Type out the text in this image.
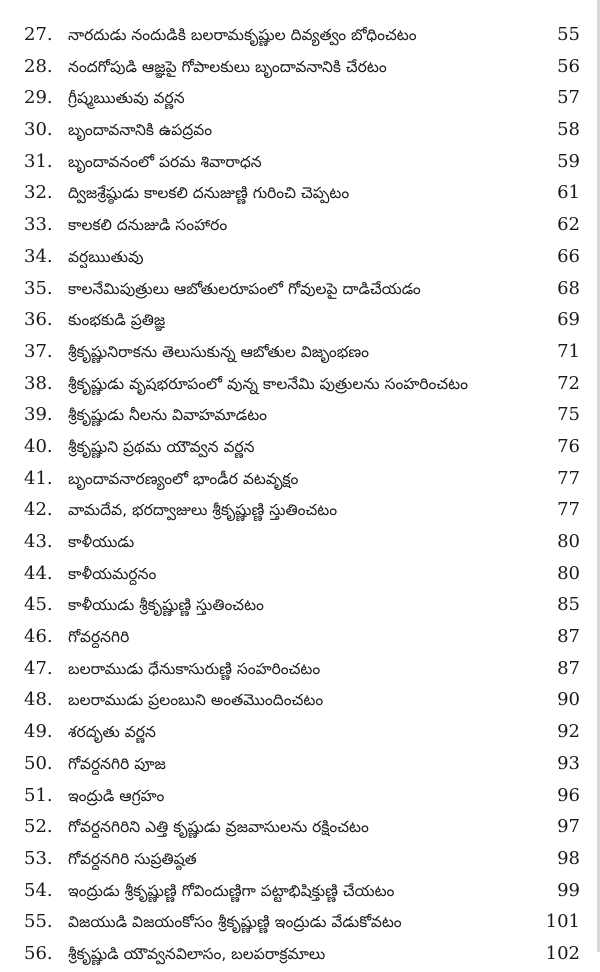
27. నారదుడు నందుడికి బలరామకృష్ణుల దివ్యత్వం బోధించటం	55
28. నందగోపుడి ఆజ్ఞపై గోపాలకులు బృందావనానికి చేరటం	56
29. గ్రీష్మఋతువు వర్ణన	57
30. బృందావనానికి ఉపద్రవం	58
31. బృందావనంలో పరమ శివారాధన	59
32. ద్విజశ్రేష్ఠుడు కాలకలి దనుజుణ్ణి గురించి చెప్పటం	61
33. కాలకలి దనుజుడి సంహారం	62
34. వర్షఋతువు	66
35. కాలనేమిపుత్రులు ఆబోతులరూపంలో గోవులపై దాడిచేయడం	68
36. కుంభకుడి ప్రతిజ్ఞ	69
37. శ్రీకృష్ణునిరాకను తెలుసుకున్న ఆబోతుల విజృంభణం	71
38. శ్రీకృష్ణుడు వృషభరూపంలో వున్న కాలనేమి పుత్రులను సంహరించటం	72
39. శ్రీకృష్ణుడు నీలను వివాహమాడటం	75
40. శ్రీకృష్ణుని ప్రథమ యౌవ్వన వర్ణన	76
41. బృందావనారణ్యంలో భాండీర వటవృక్షం	77
42. వామదేవ, భరద్వాజులు శ్రీకృష్ణుణ్ణి స్తుతించటం	77
43. కాళీయుడు	80
44. కాళీయమర్దనం	80
45. కాళీయుడు శ్రీకృష్ణుణ్ణి స్తుతించటం	85
46. గోవర్ధనగిరి	87
47. బలరాముడు ధేనుకాసురుణ్ణి సంహరించటం	87
48. బలరాముడు ప్రలంబుని అంతమొందించటం	90
49. శరదృతు వర్ణన	92
50. గోవర్ధనగిరి పూజ	93
51. ఇంద్రుడి ఆగ్రహం	96
52. గోవర్ధనగిరిని ఎత్తి కృష్ణుడు వ్రజవాసులను రక్షించటం	97
53. గోవర్ధనగిరి సుప్రతిష్ఠత	98
54. ఇంద్రుడు శ్రీకృష్ణుణ్ణి గోవిందుణ్ణిగా పట్టాభిషిక్తుణ్ణి చేయటం	99
55. విజయుడి విజయంకోసం శ్రీకృష్ణుణ్ణి ఇంద్రుడు వేడుకోవటం	101
56. శ్రీకృష్ణుడి యౌవ్వనవిలాసం, బలపరాక్రమాలు	102
